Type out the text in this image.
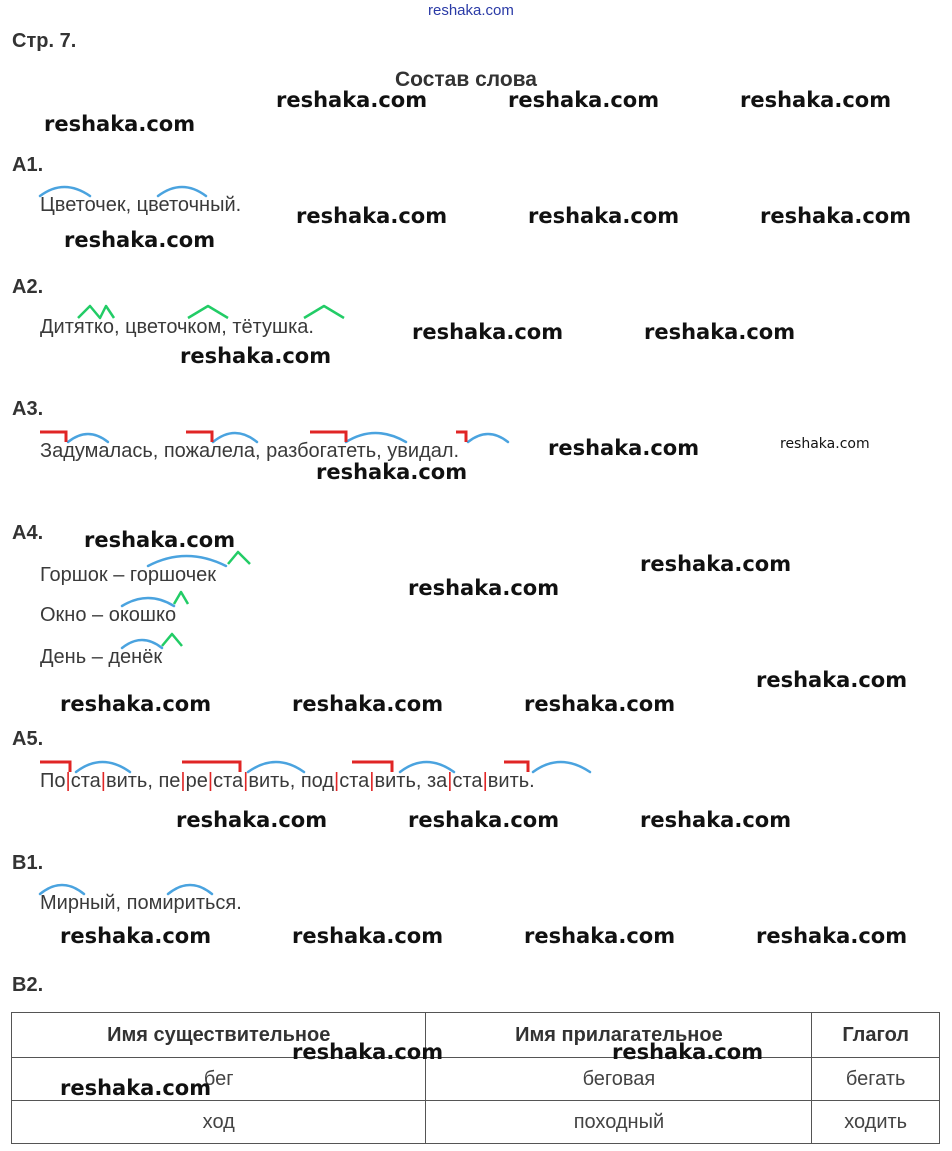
reshaka.com
Стр. 7.
Состав слова
А1.
А2.
А3.
А4.
А5.
В1.
В2.
Цветочек, цветочный.
Дитятко, цветочком, тётушка.
Задумалась, пожалела, разбогатеть, увидал.
Горшок – горшочек
Окно – окошко
День – денёк
По|ста|вить, пе|ре|ста|вить, под|ста|вить, за|ста|вить.
Мирный, помириться.
Имя существительное	Имя прилагательное	Глагол
бег	беговая	бегать
ход	походный	ходить
reshaka.com	reshaka.com	reshaka.com
reshaka.com
reshaka.com	reshaka.com	reshaka.com
reshaka.com
reshaka.com	reshaka.com
reshaka.com
reshaka.com	reshaka.com
reshaka.com
reshaka.com
reshaka.com
reshaka.com
reshaka.com
reshaka.com	reshaka.com	reshaka.com
reshaka.com	reshaka.com	reshaka.com
reshaka.com	reshaka.com	reshaka.com	reshaka.com
reshaka.com	reshaka.com
reshaka.com
